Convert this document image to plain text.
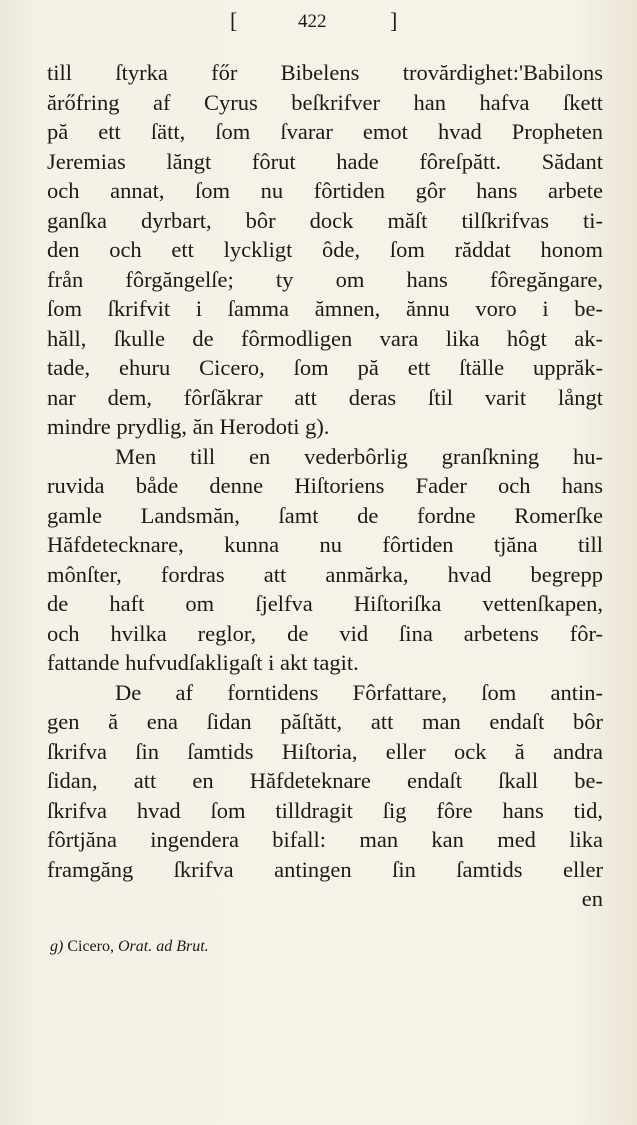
[	422	]
till ſtyrka főr Bibelens trovărdighet:'Babilons
ărőfring af Cyrus beſkrifver han hafva ſkett
pă ett ſätt, ſom ſvarar emot hvad Propheten
Jeremias lăngt fôrut hade fôreſpătt. Sădant
och annat, ſom nu fôrtiden gôr hans arbete
ganſka dyrbart, bôr dock măſt tilſkrifvas ti-
den och ett lyckligt ôde, ſom răddat honom
från fôrgăngelſe; ty om hans fôregăngare,
ſom ſkrifvit i ſamma ămnen, ănnu voro i be-
hăll, ſkulle de fôrmodligen vara lika hôgt ak-
tade, ehuru Cicero, ſom pă ett ſtälle upprăk-
nar dem, fôrſăkrar att deras ſtil varit långt
mindre prydlig, ăn Herodoti g).
Men till en vederbôrlig granſkning hu-
ruvida både denne Hiſtoriens Fader och hans
gamle Landsmăn, ſamt de fordne Romerſke
Hăfdetecknare, kunna nu fôrtiden tjăna till
mônſter, fordras att anmărka, hvad begrepp
de haft om ſjelfva Hiſtoriſka vettenſkapen,
och hvilka reglor, de vid ſina arbetens fôr-
fattande hufvudſakligaſt i akt tagit.
De af forntidens Fôrfattare, ſom antin-
gen ă ena ſidan păſtătt, att man endaſt bôr
ſkrifva ſin ſamtids Hiſtoria, eller ock ă andra
ſidan, att en Hăfdeteknare endaſt ſkall be-
ſkrifva hvad ſom tilldragit ſig fôre hans tid,
fôrtjăna ingendera bifall: man kan med lika
framgăng ſkrifva antingen ſin ſamtids eller
en
g) Cicero, Orat. ad Brut.
